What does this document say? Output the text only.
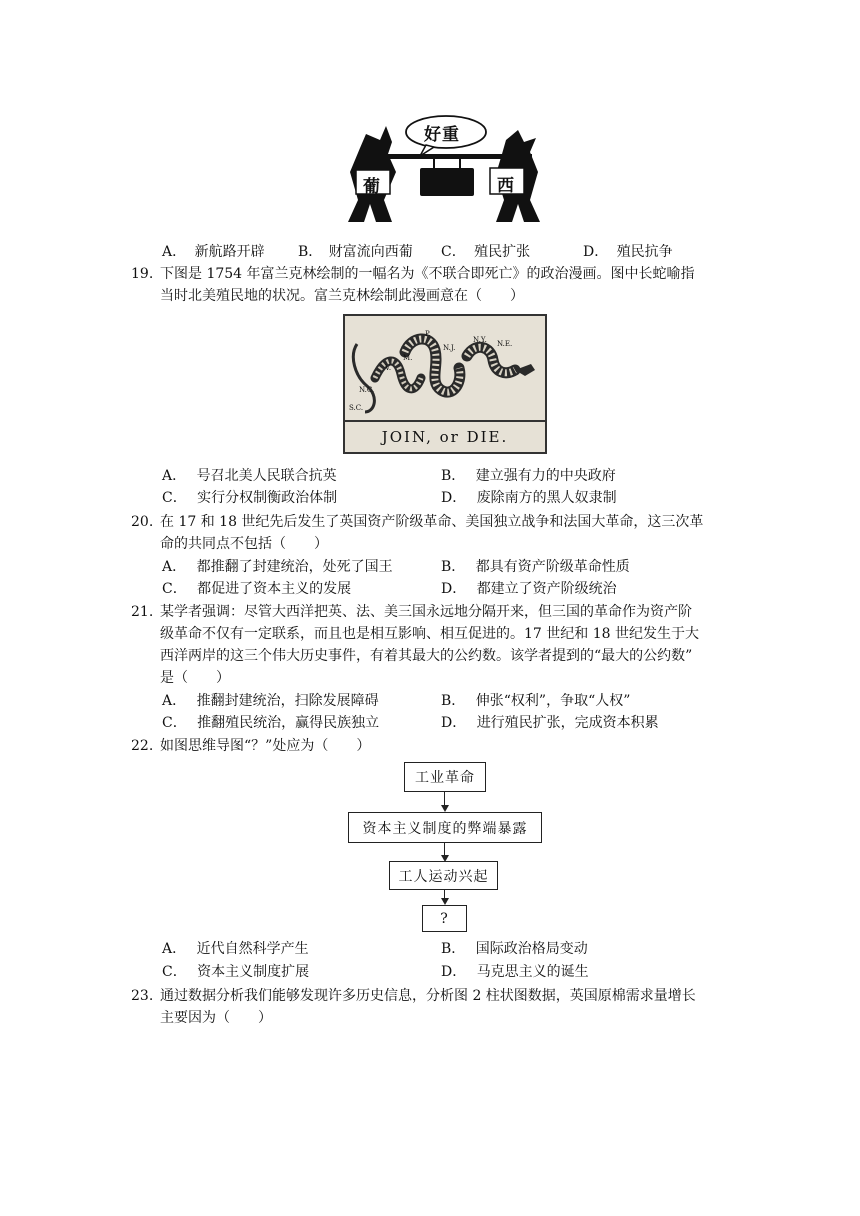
好重
葡	西
A． 新航路开辟 B． 财富流向西葡 C． 殖民扩张	D． 殖民抗争
19. 下图是 1754 年富兰克林绘制的一幅名为《不联合即死亡》的政治漫画。图中长蛇喻指
当时北美殖民地的状况。富兰克林绘制此漫画意在（　　）
N.E.
N.Y.
N.J.
P.
M.
V.
N.C.
S.C.
JOIN, or DIE.
A． 号召北美人民联合抗英	B． 建立强有力的中央政府
C． 实行分权制衡政治体制	D． 废除南方的黑人奴隶制
20. 在 17 和 18 世纪先后发生了英国资产阶级革命、美国独立战争和法国大革命，这三次革
命的共同点不包括（　　）
A． 都推翻了封建统治，处死了国王	B． 都具有资产阶级革命性质
C． 都促进了资本主义的发展	D． 都建立了资产阶级统治
21. 某学者强调：尽管大西洋把英、法、美三国永远地分隔开来，但三国的革命作为资产阶
级革命不仅有一定联系，而且也是相互影响、相互促进的。17 世纪和 18 世纪发生于大
西洋两岸的这三个伟大历史事件，有着其最大的公约数。该学者提到的“最大的公约数”
是（　　）
A． 推翻封建统治，扫除发展障碍	B． 伸张“权利”，争取“人权”
C． 推翻殖民统治，赢得民族独立	D． 进行殖民扩张，完成资本积累
22. 如图思维导图“？”处应为（　　）
工业革命
资本主义制度的弊端暴露
工人运动兴起
?
A． 近代自然科学产生	B． 国际政治格局变动
C． 资本主义制度扩展	D． 马克思主义的诞生
23. 通过数据分析我们能够发现许多历史信息，分析图 2 柱状图数据，英国原棉需求量增长
主要因为（　　）
